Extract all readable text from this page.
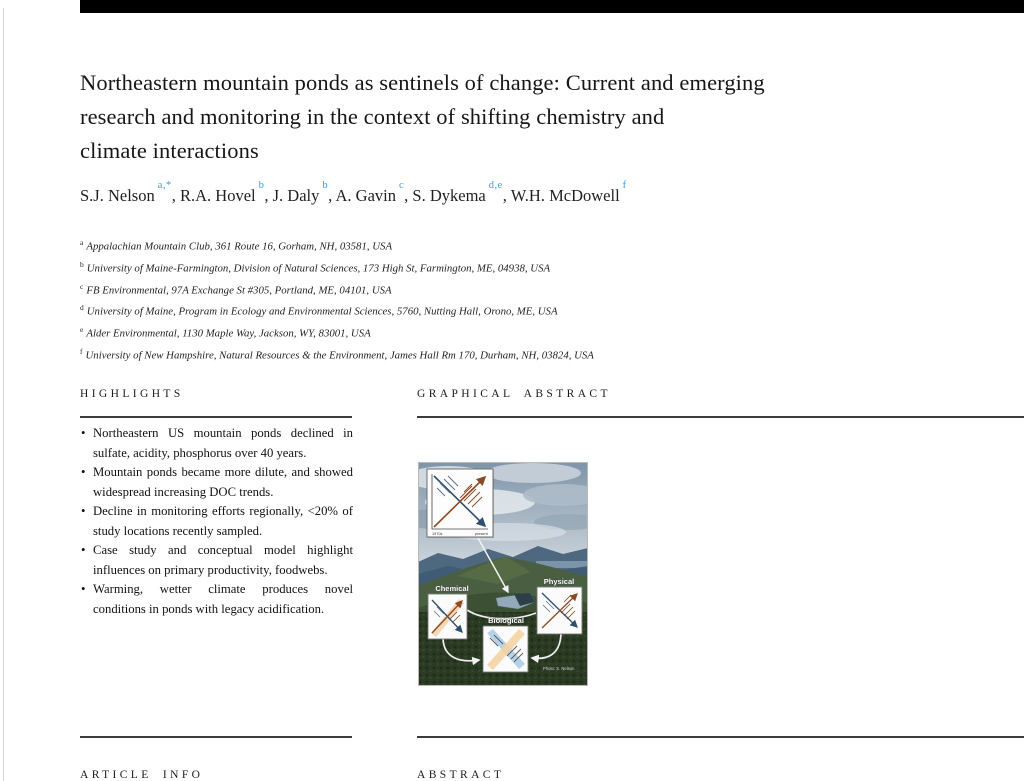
Northeastern mountain ponds as sentinels of change: Current and emerging
research and monitoring in the context of shifting chemistry and
climate interactions
S.J. Nelson$^{a,*}$, R.A. Hovel$^b$, J. Daly$^b$, A. Gavin$^c$, S. Dykema$^{d,e}$, W.H. McDowell$^f$
$^a$ Appalachian Mountain Club, 361 Route 16, Gorham, NH, 03581, USA
$^b$ University of Maine-Farmington, Division of Natural Sciences, 173 High St, Farmington, ME, 04938, USA
$^c$ FB Environmental, 97A Exchange St #305, Portland, ME, 04101, USA
$^d$ University of Maine, Program in Ecology and Environmental Sciences, 5760, Nutting Hall, Orono, ME, USA
$^e$ Alder Environmental, 1130 Maple Way, Jackson, WY, 83001, USA
$^f$ University of New Hampshire, Natural Resources & the Environment, James Hall Rm 170, Durham, NH, 03824, USA
HIGHLIGHTS	GRAPHICAL ABSTRACT
• Northeastern US mountain ponds declined in sulfate, acidity, phosphorus over 40 years.
• Mountain ponds became more dilute, and showed widespread increasing DOC trends.
• Decline in monitoring efforts regionally, <20% of study locations recently sampled.
• Case study and conceptual model highlight influences on primary productivity, foodwebs.
• Warming, wetter climate produces novel conditions in ponds with legacy acidification.
1970s	present
Chemical
Physical
Biological
Photo: S. Nelson
ARTICLE INFO	ABSTRACT
